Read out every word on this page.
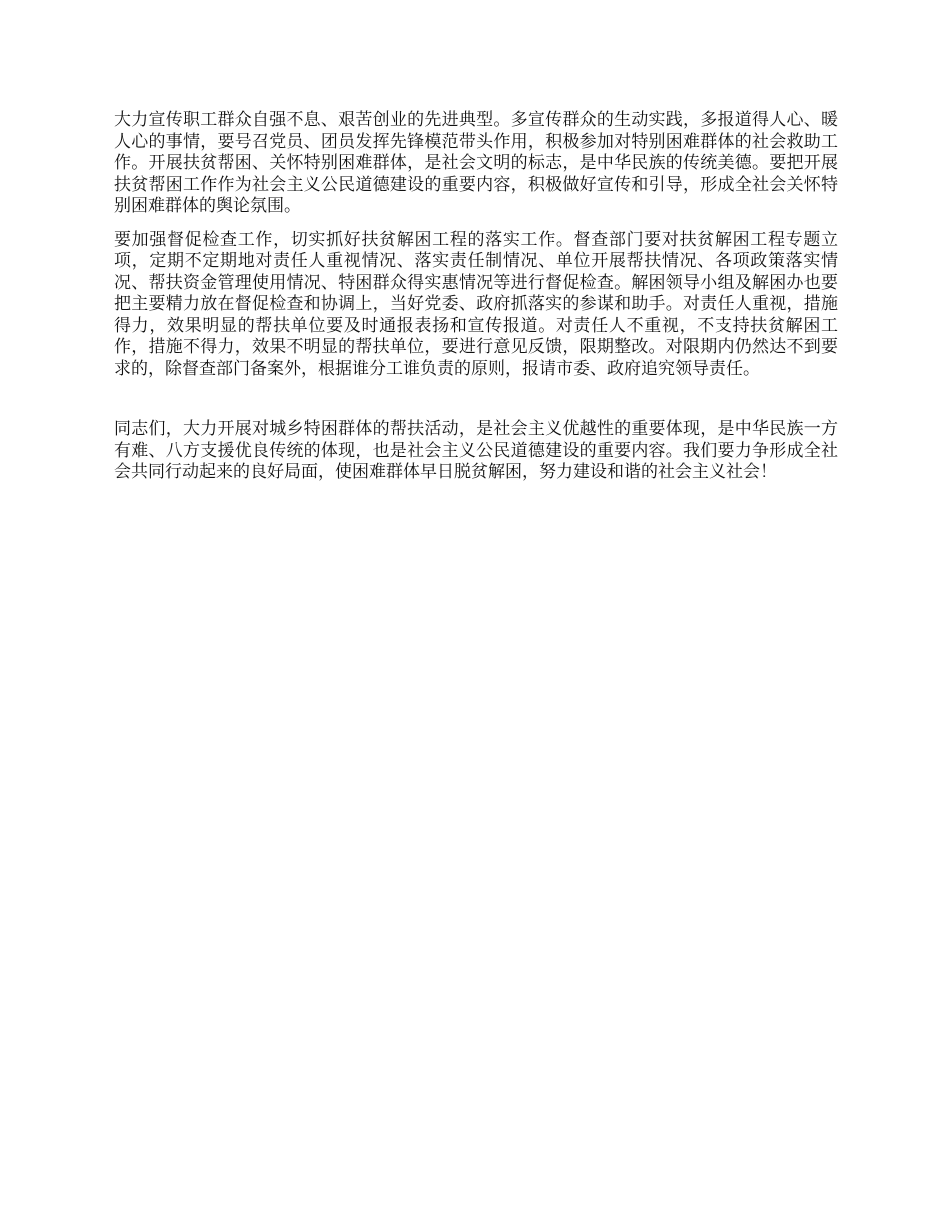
大力宣传职工群众自强不息、艰苦创业的先进典型。多宣传群众的生动实践，多报道得人心、暖人心的事情，要号召党员、团员发挥先锋模范带头作用，积极参加对特别困难群体的社会救助工作。开展扶贫帮困、关怀特别困难群体，是社会文明的标志，是中华民族的传统美德。要把开展扶贫帮困工作作为社会主义公民道德建设的重要内容，积极做好宣传和引导，形成全社会关怀特别困难群体的舆论氛围。

要加强督促检查工作，切实抓好扶贫解困工程的落实工作。督查部门要对扶贫解困工程专题立项，定期不定期地对责任人重视情况、落实责任制情况、单位开展帮扶情况、各项政策落实情况、帮扶资金管理使用情况、特困群众得实惠情况等进行督促检查。解困领导小组及解困办也要把主要精力放在督促检查和协调上，当好党委、政府抓落实的参谋和助手。对责任人重视，措施得力，效果明显的帮扶单位要及时通报表扬和宣传报道。对责任人不重视，不支持扶贫解困工作，措施不得力，效果不明显的帮扶单位，要进行意见反馈，限期整改。对限期内仍然达不到要求的，除督查部门备案外，根据谁分工谁负责的原则，报请市委、政府追究领导责任。

同志们，大力开展对城乡特困群体的帮扶活动，是社会主义优越性的重要体现，是中华民族一方有难、八方支援优良传统的体现，也是社会主义公民道德建设的重要内容。我们要力争形成全社会共同行动起来的良好局面，使困难群体早日脱贫解困，努力建设和谐的社会主义社会！
